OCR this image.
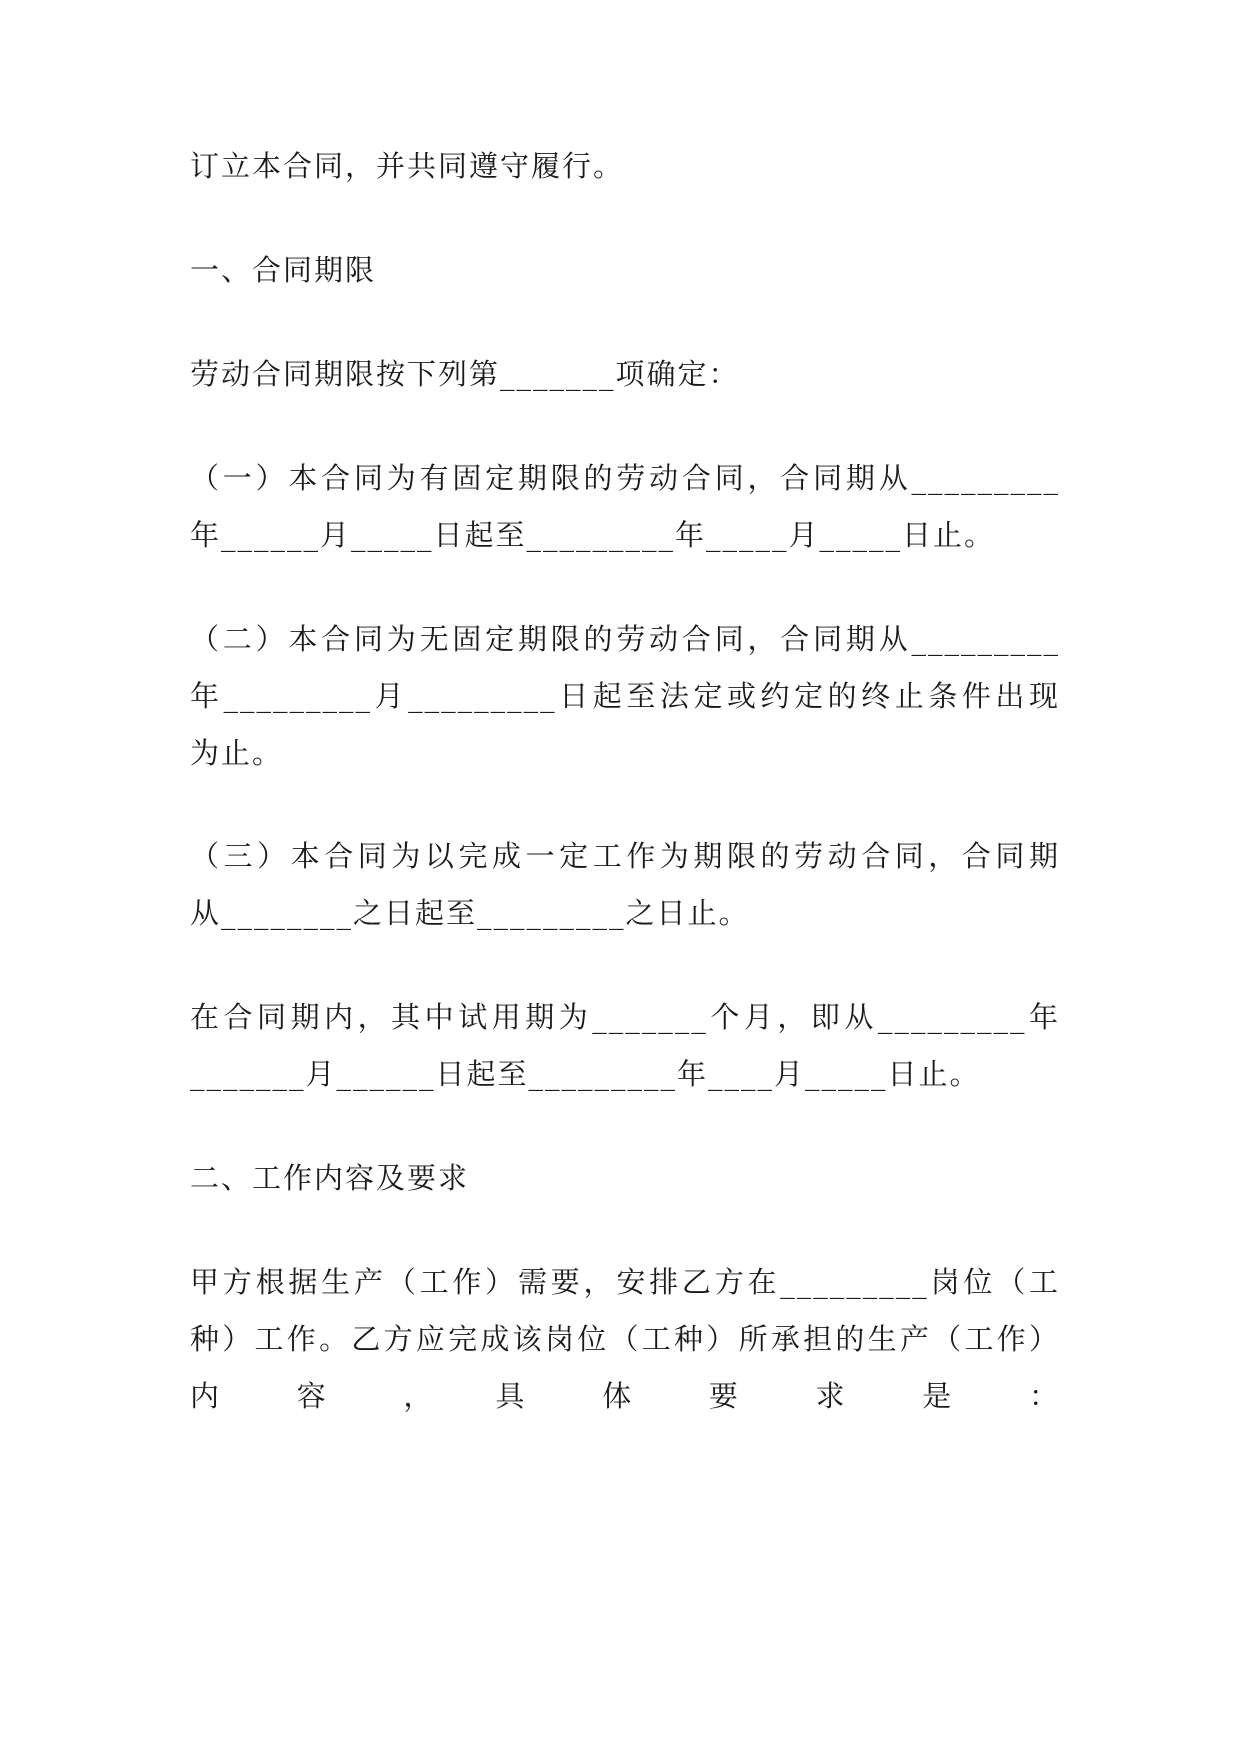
订立本合同，并共同遵守履行。
一、合同期限
劳动合同期限按下列第_______项确定：
（一）本合同为有固定期限的劳动合同，合同期从_________
年______月_____日起至_________年_____月_____日止。
（二）本合同为无固定期限的劳动合同，合同期从_________
年_________月_________日起至法定或约定的终止条件出现
为止。
（三）本合同为以完成一定工作为期限的劳动合同，合同期
从________之日起至_________之日止。
在合同期内，其中试用期为_______个月，即从_________年
_______月______日起至_________年____月_____日止。
二、工作内容及要求
甲方根据生产（工作）需要，安排乙方在_________岗位（工
种）工作。乙方应完成该岗位（工种）所承担的生产（工作）
内　容　，　具　体　要　求　是　：
